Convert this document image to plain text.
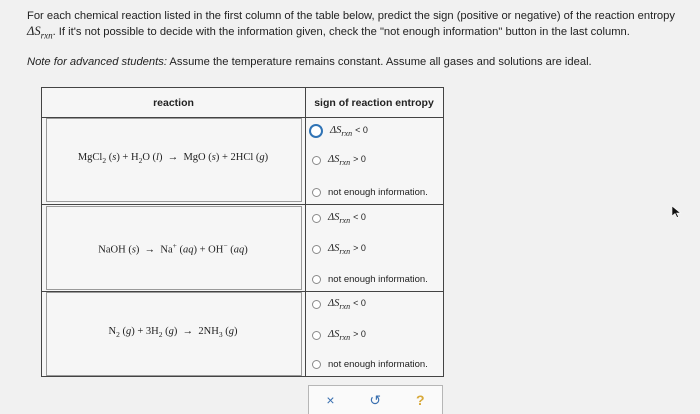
For each chemical reaction listed in the first column of the table below, predict the sign (positive or negative) of the reaction entropy $\Delta S_{rxn}$. If it's not possible to decide with the information given, check the "not enough information" button in the last column.
Note for advanced students: Assume the temperature remains constant. Assume all gases and solutions are ideal.
reaction	sign of reaction entropy
MgCl$_2$ $(s) + H_2O$ (l)  →  MgO (s) + 2HCl (g)
NaOH (s)  →  Na+ (aq) + OH− (aq)
$N_2$ $(g) + 3H_2$ $(g) \to 2NH_3$ (g)
$\Delta S_{rxn} < 0$
$\Delta S_{rxn} > 0$
not enough information.
$\Delta S_{rxn} < 0$
$\Delta S_{rxn} > 0$
not enough information.
$\Delta S_{rxn} < 0$
$\Delta S_{rxn} > 0$
not enough information.
× ↺ ?
